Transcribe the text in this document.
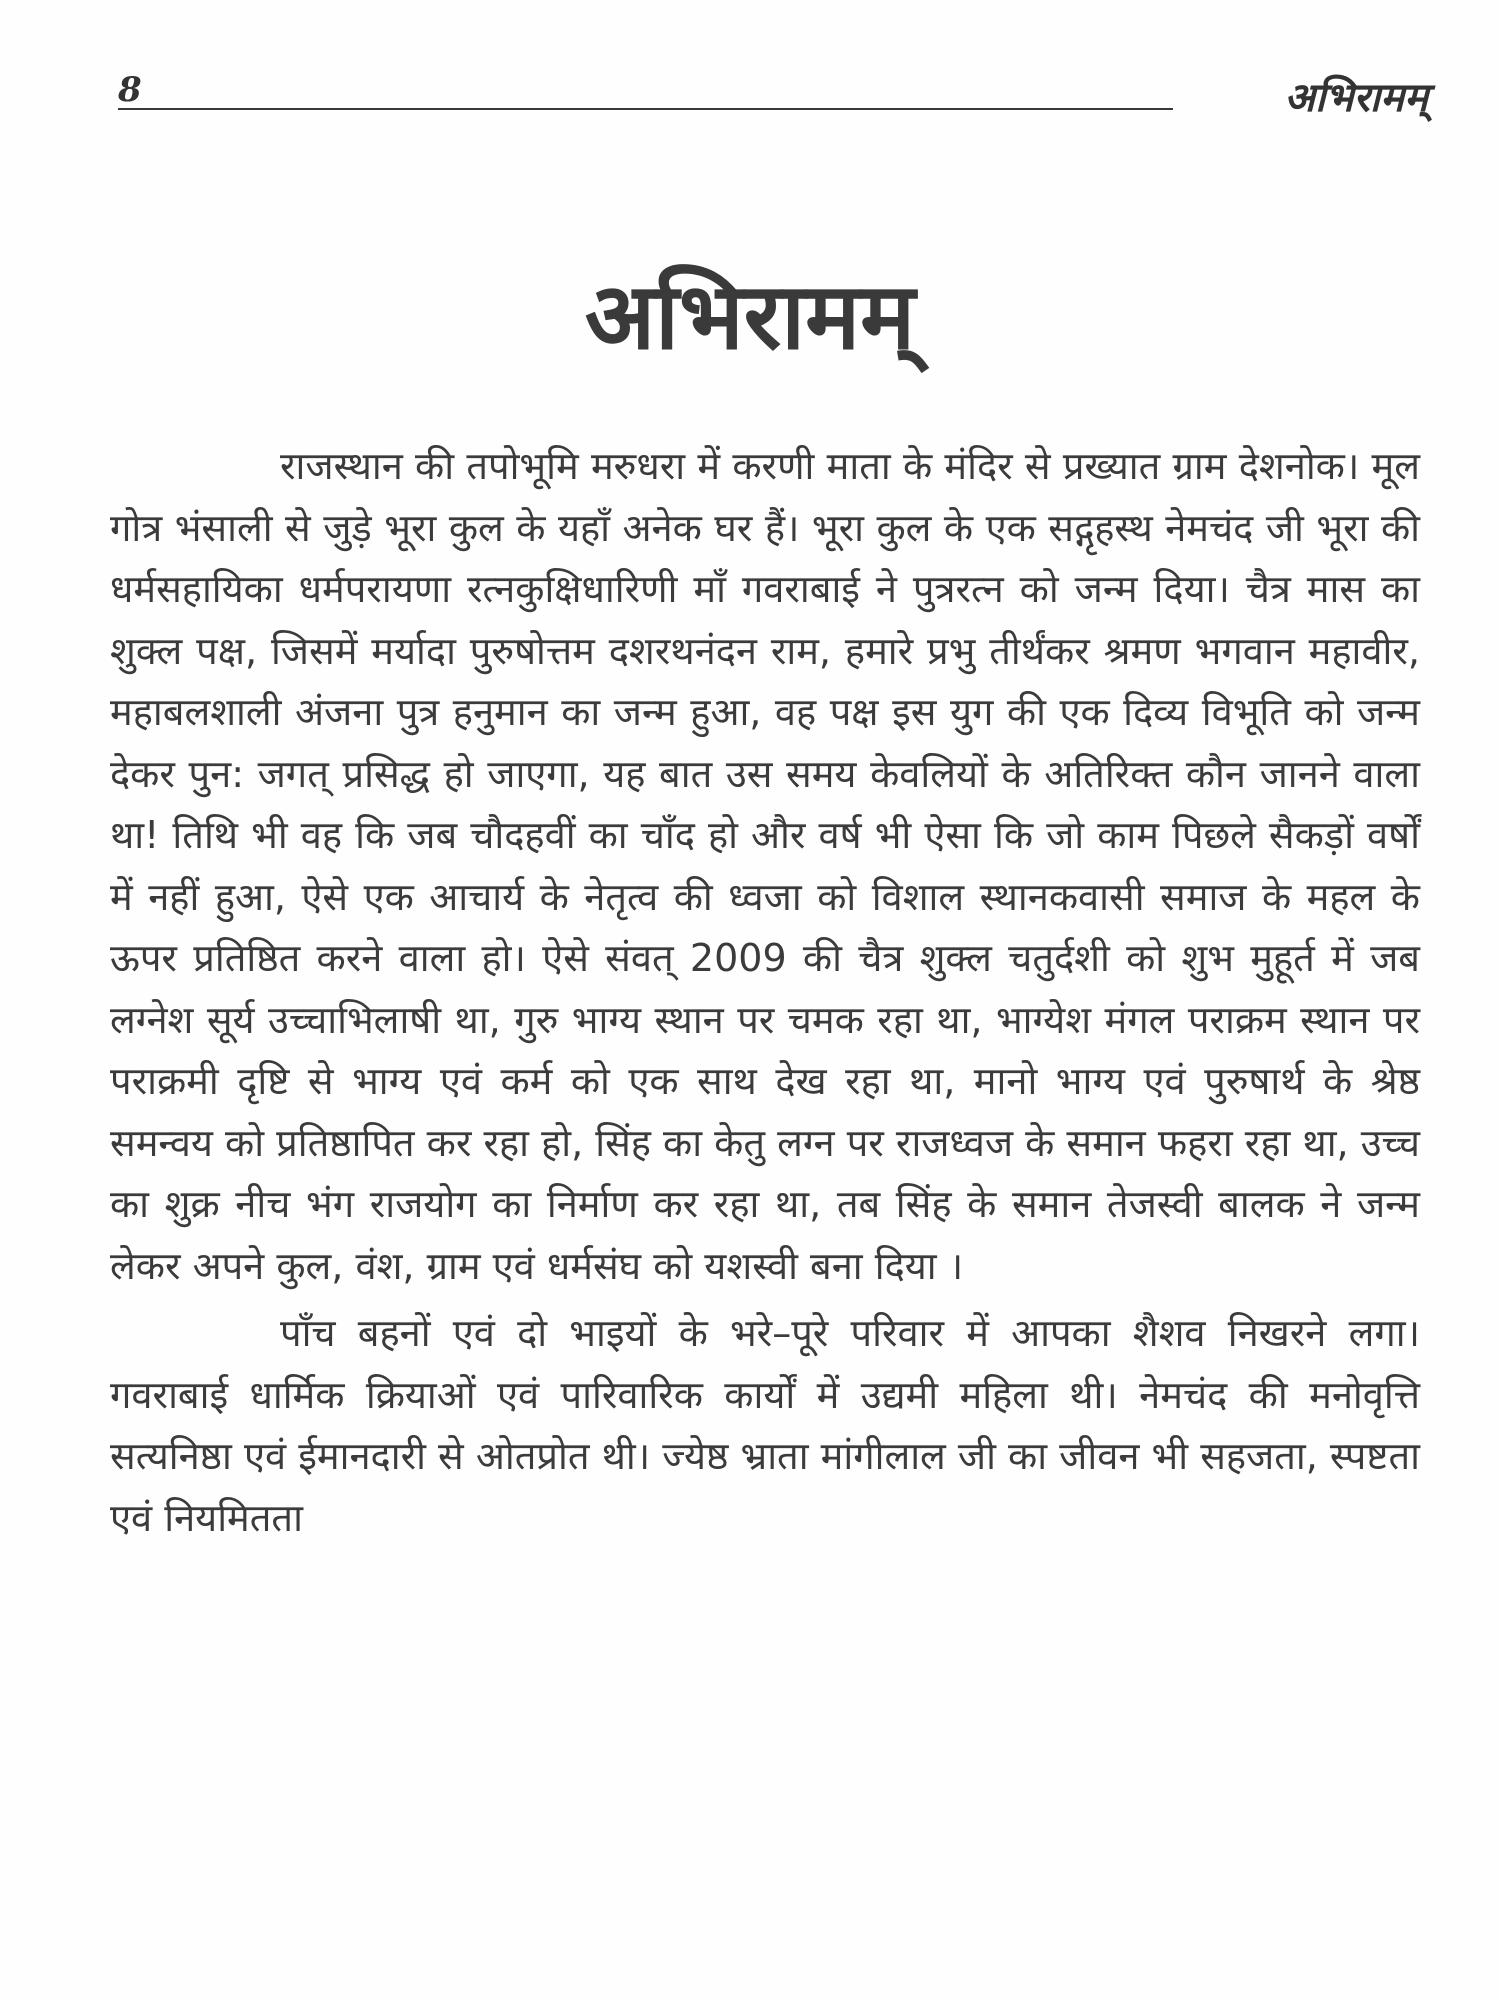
8	अभिरामम्
अभिरामम्

राजस्थान की तपोभूमि मरुधरा में करणी माता के मंदिर से प्रख्यात ग्राम देशनोक। मूल गोत्र भंसाली से जुड़े भूरा कुल के यहाँ अनेक घर हैं। भूरा कुल के एक सद्गृहस्थ नेमचंद जी भूरा की धर्मसहायिका धर्मपरायणा रत्नकुक्षिधारिणी माँ गवराबाई ने पुत्ररत्न को जन्म दिया। चैत्र मास का शुक्ल पक्ष, जिसमें मर्यादा पुरुषोत्तम दशरथनंदन राम, हमारे प्रभु तीर्थंकर श्रमण भगवान महावीर, महाबलशाली अंजना पुत्र हनुमान का जन्म हुआ, वह पक्ष इस युग की एक दिव्य विभूति को जन्म देकर पुन: जगत् प्रसिद्ध हो जाएगा, यह बात उस समय केवलियों के अतिरिक्त कौन जानने वाला था! तिथि भी वह कि जब चौदहवीं का चाँद हो और वर्ष भी ऐसा कि जो काम पिछले सैकड़ों वर्षों में नहीं हुआ, ऐसे एक आचार्य के नेतृत्व की ध्वजा को विशाल स्थानकवासी समाज के महल के ऊपर प्रतिष्ठित करने वाला हो। ऐसे संवत् 2009 की चैत्र शुक्ल चतुर्दशी को शुभ मुहूर्त में जब लग्नेश सूर्य उच्चाभिलाषी था, गुरु भाग्य स्थान पर चमक रहा था, भाग्येश मंगल पराक्रम स्थान पर पराक्रमी दृष्टि से भाग्य एवं कर्म को एक साथ देख रहा था, मानो भाग्य एवं पुरुषार्थ के श्रेष्ठ समन्वय को प्रतिष्ठापित कर रहा हो, सिंह का केतु लग्न पर राजध्वज के समान फहरा रहा था, उच्च का शुक्र नीच भंग राजयोग का निर्माण कर रहा था, तब सिंह के समान तेजस्वी बालक ने जन्म लेकर अपने कुल, वंश, ग्राम एवं धर्मसंघ को यशस्वी बना दिया ।

पाँच बहनों एवं दो भाइयों के भरे–पूरे परिवार में आपका शैशव निखरने लगा। गवराबाई धार्मिक क्रियाओं एवं पारिवारिक कार्यों में उद्यमी महिला थी। नेमचंद की मनोवृत्ति सत्यनिष्ठा एवं ईमानदारी से ओतप्रोत थी। ज्येष्ठ भ्राता मांगीलाल जी का जीवन भी सहजता, स्पष्टता एवं नियमितता
